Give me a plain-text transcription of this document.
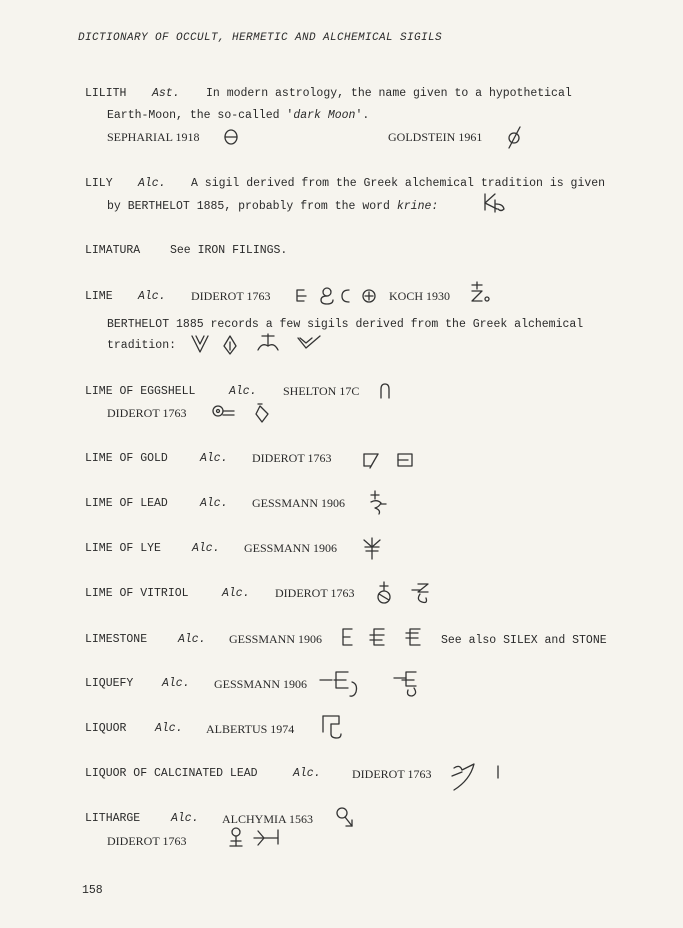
DICTIONARY OF OCCULT, HERMETIC AND ALCHEMICAL SIGILS
LILITH Ast. In modern astrology, the name given to a hypothetical
Earth-Moon, the so-called 'dark Moon'.
SEPHARIAL 1918	GOLDSTEIN 1961
LILY Alc. A sigil derived from the Greek alchemical tradition is given
by BERTHELOT 1885, probably from the word krine:
LIMATURA	See IRON FILINGS.
LIME Alc. DIDEROT 1763	KOCH 1930
BERTHELOT 1885 records a few sigils derived from the Greek alchemical
tradition:
LIME OF EGGSHELL	Alc. SHELTON 17C
DIDEROT 1763
LIME OF GOLD	Alc. DIDEROT 1763
LIME OF LEAD	Alc. GESSMANN 1906
LIME OF LYE	Alc. GESSMANN 1906
LIME OF VITRIOL	Alc. DIDEROT 1763
LIMESTONE	Alc. GESSMANN 1906	See also SILEX and STONE
LIQUEFY Alc. GESSMANN 1906
LIQUOR Alc. ALBERTUS 1974
LIQUOR OF CALCINATED LEAD	Alc.	DIDEROT 1763
LITHARGE	Alc. ALCHYMIA 1563
DIDEROT 1763
158
